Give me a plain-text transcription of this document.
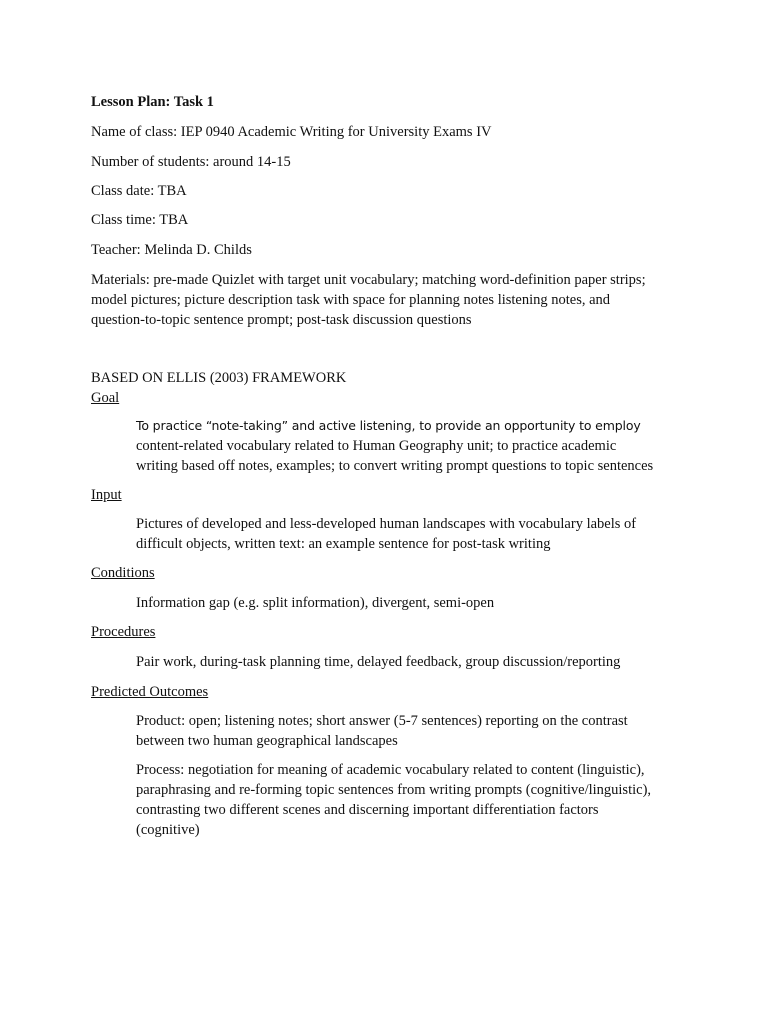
Lesson Plan: Task 1
Name of class: IEP 0940 Academic Writing for University Exams IV
Number of students: around 14-15
Class date: TBA
Class time: TBA
Teacher: Melinda D. Childs
Materials: pre-made Quizlet with target unit vocabulary; matching word-definition paper strips;
model pictures; picture description task with space for planning notes listening notes, and
question-to-topic sentence prompt; post-task discussion questions
BASED ON ELLIS (2003) FRAMEWORK
Goal
To practice “note-taking” and active listening, to provide an opportunity to employ
content-related vocabulary related to Human Geography unit; to practice academic
writing based off notes, examples; to convert writing prompt questions to topic sentences
Input
Pictures of developed and less-developed human landscapes with vocabulary labels of
difficult objects, written text: an example sentence for post-task writing
Conditions
Information gap (e.g. split information), divergent, semi-open
Procedures
Pair work, during-task planning time, delayed feedback, group discussion/reporting
Predicted Outcomes
Product: open; listening notes; short answer (5-7 sentences) reporting on the contrast
between two human geographical landscapes
Process: negotiation for meaning of academic vocabulary related to content (linguistic),
paraphrasing and re-forming topic sentences from writing prompts (cognitive/linguistic),
contrasting two different scenes and discerning important differentiation factors
(cognitive)
